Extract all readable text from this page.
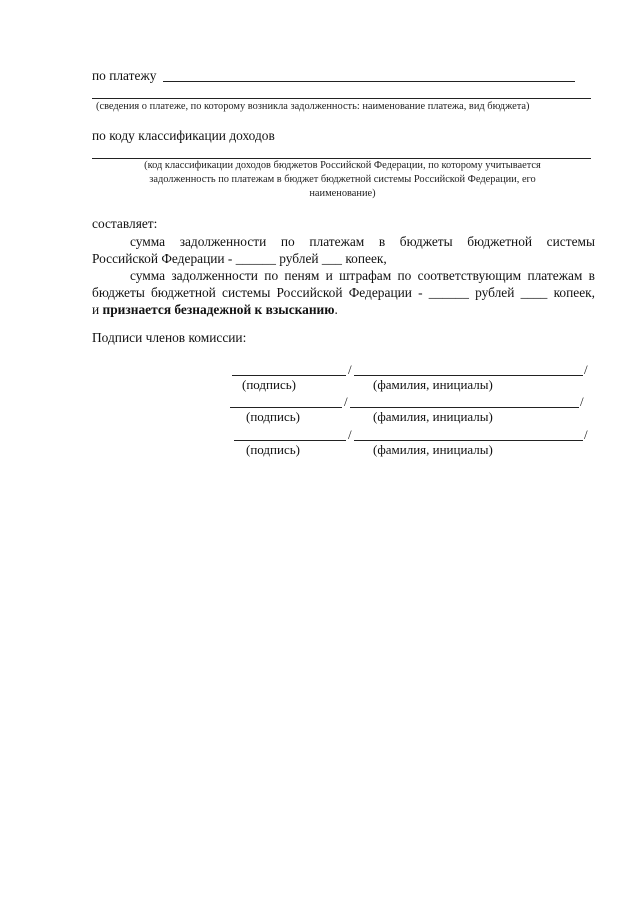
по платежу
(сведения о платеже, по которому возникла задолженность: наименование платежа, вид бюджета)
по коду классификации доходов
(код классификации доходов бюджетов Российской Федерации, по которому учитывается
задолженность по платежам в бюджет бюджетной системы Российской Федерации, его
наименование)
составляет:

сумма задолженности по платежам в бюджеты бюджетной системы

Российской Федерации - ______ рублей ___ копеек,

сумма задолженности по пеням и штрафам по соответствующим платежам в

бюджеты бюджетной системы Российской Федерации - ______ рублей ____ копеек,

и признается безнадежной к взысканию.

Подписи членов комиссии:
/	/
(подпись)	(фамилия, инициалы)
/	/
(подпись)	(фамилия, инициалы)
/	/
(подпись)	(фамилия, инициалы)
